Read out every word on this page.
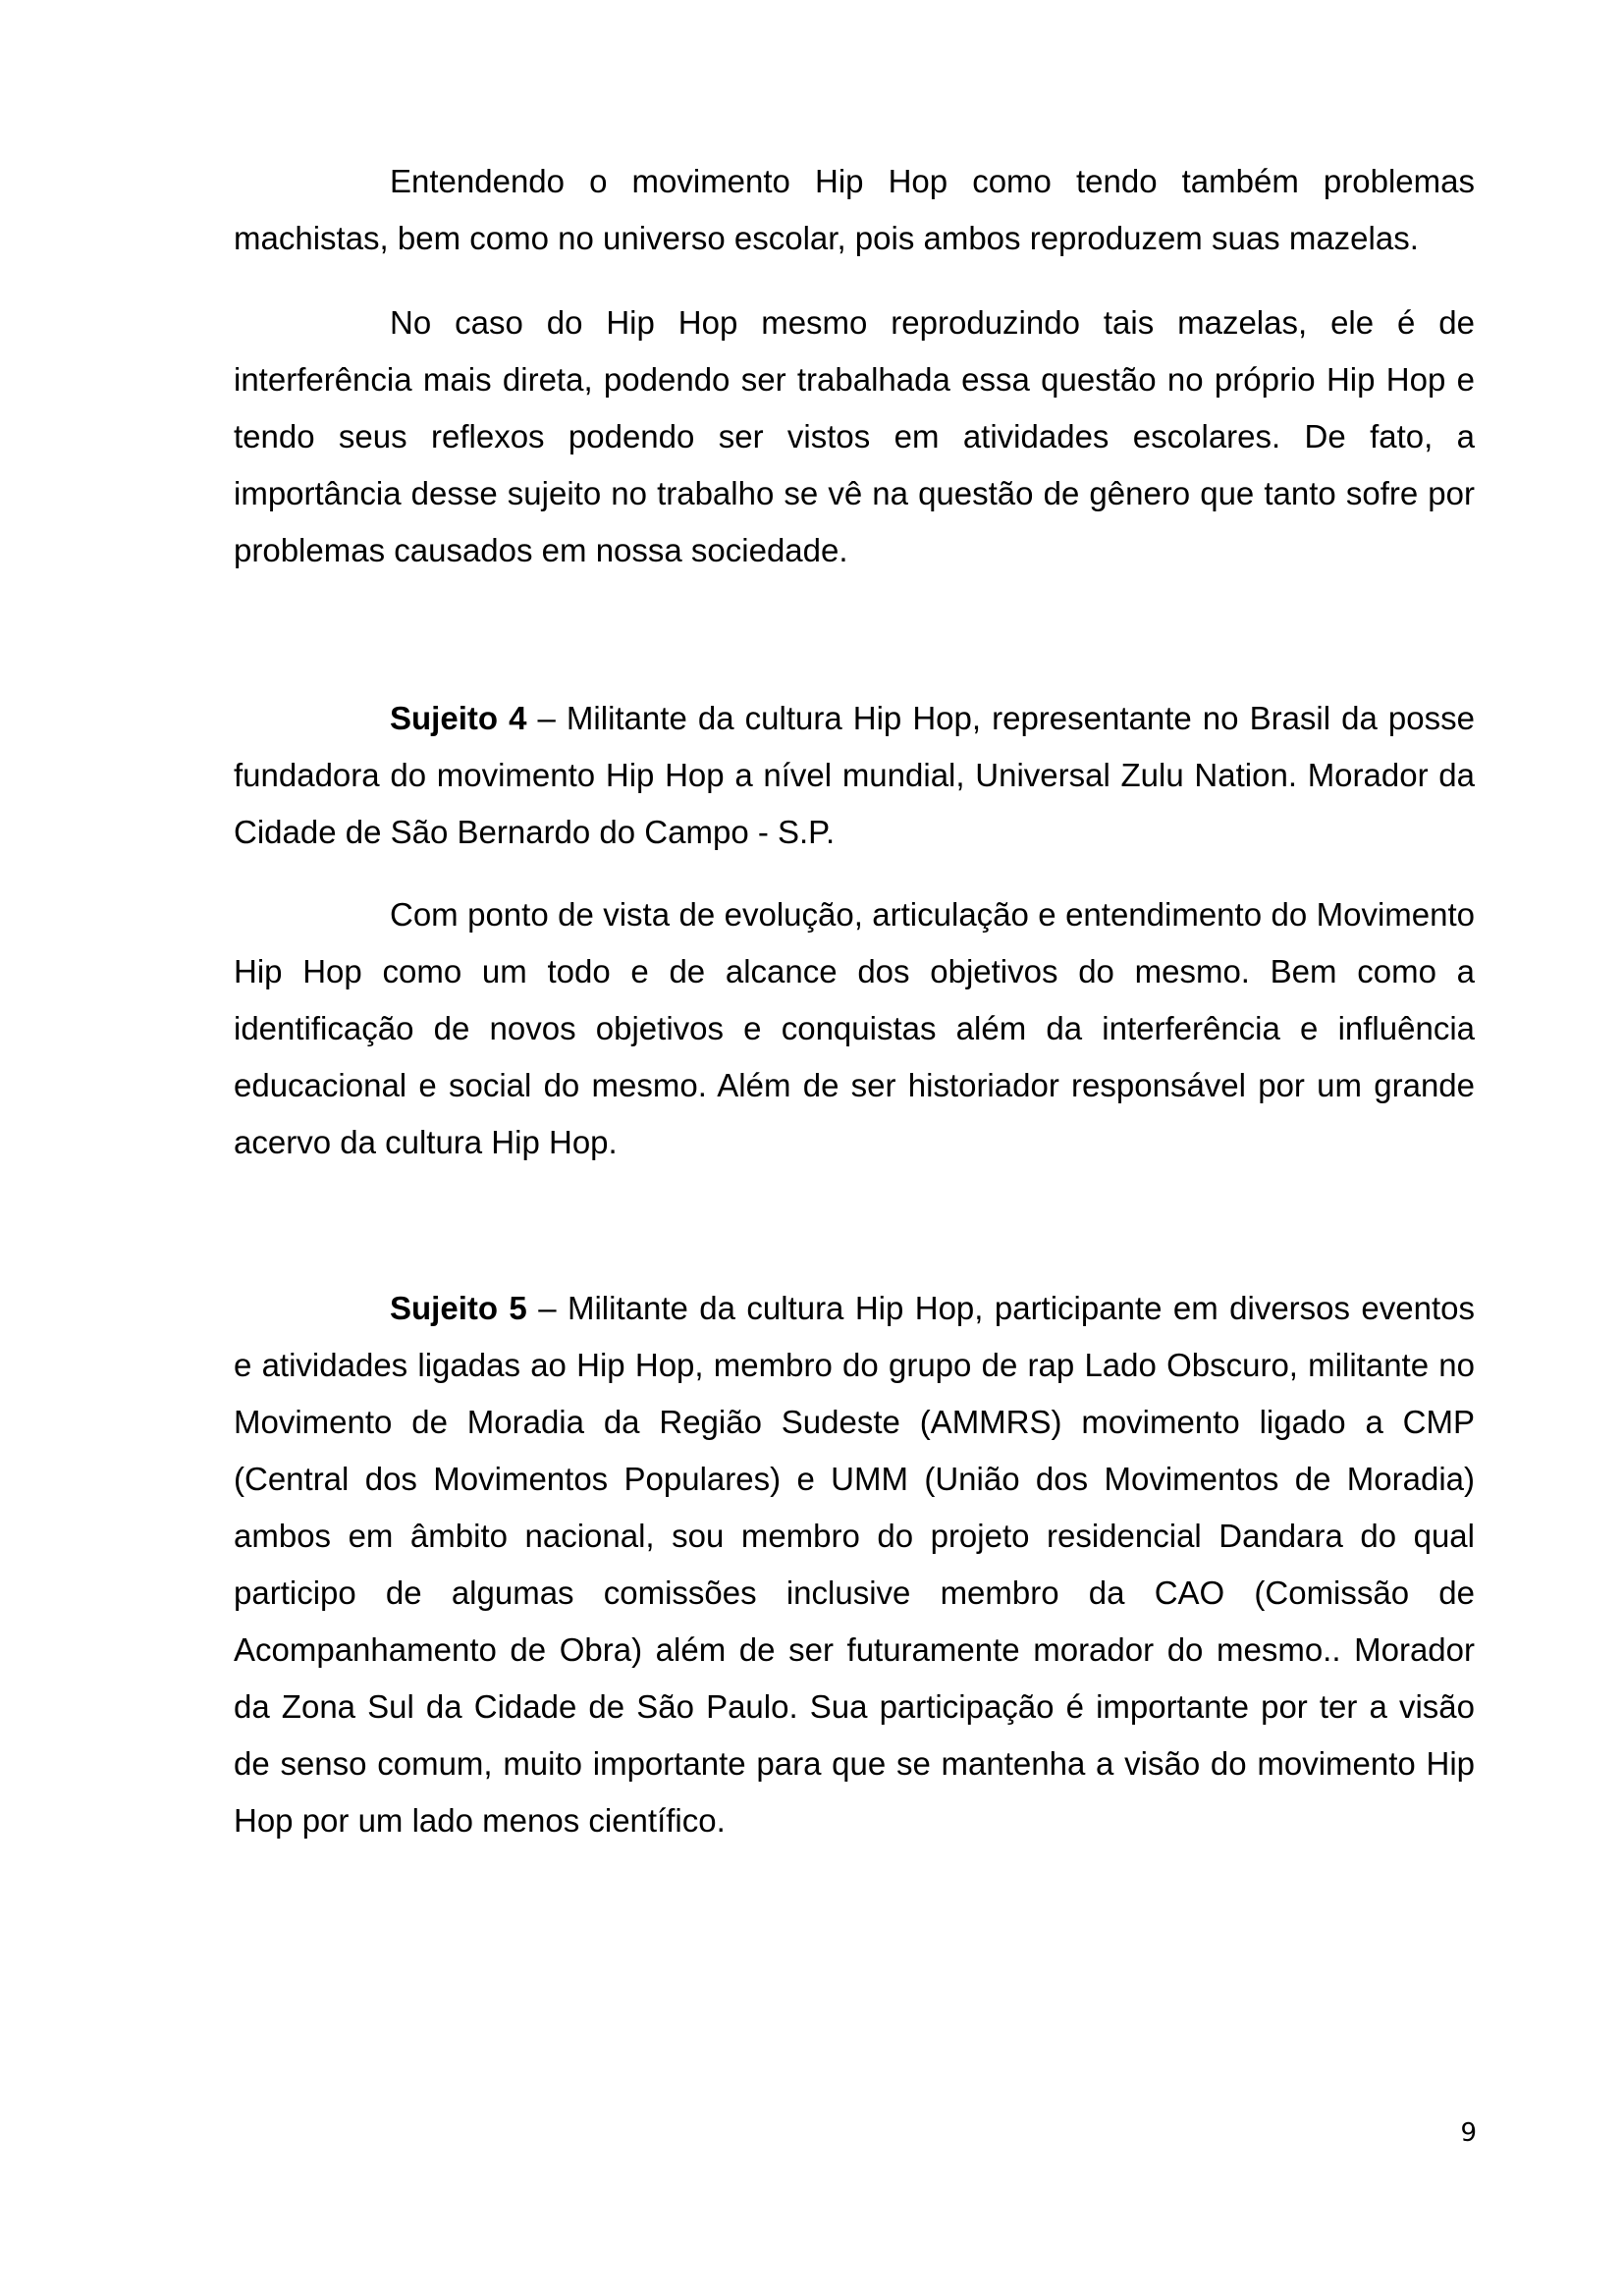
Entendendo o movimento Hip Hop como tendo também problemas machistas, bem como no universo escolar, pois ambos reproduzem suas mazelas.

No caso do Hip Hop mesmo reproduzindo tais mazelas, ele é de interferência mais direta, podendo ser trabalhada essa questão no próprio Hip Hop e tendo seus reflexos podendo ser vistos em atividades escolares. De fato, a importância desse sujeito no trabalho se vê na questão de gênero que tanto sofre por problemas causados em nossa sociedade.

Sujeito 4 – Militante da cultura Hip Hop, representante no Brasil da posse fundadora do movimento Hip Hop a nível mundial, Universal Zulu Nation. Morador da Cidade de São Bernardo do Campo - S.P.

Com ponto de vista de evolução, articulação e entendimento do Movimento Hip Hop como um todo e de alcance dos objetivos do mesmo. Bem como a identificação de novos objetivos e conquistas além da interferência e influência educacional e social do mesmo. Além de ser historiador responsável por um grande acervo da cultura Hip Hop.

Sujeito 5 – Militante da cultura Hip Hop, participante em diversos eventos e atividades ligadas ao Hip Hop, membro do grupo de rap Lado Obscuro, militante no Movimento de Moradia da Região Sudeste (AMMRS) movimento ligado a CMP (Central dos Movimentos Populares) e UMM (União dos Movimentos de Moradia) ambos em âmbito nacional, sou membro do projeto residencial Dandara do qual participo de algumas comissões inclusive membro da CAO (Comissão de Acompanhamento de Obra) além de ser futuramente morador do mesmo.. Morador da Zona Sul da Cidade de São Paulo. Sua participação é importante por ter a visão de senso comum, muito importante para que se mantenha a visão do movimento Hip Hop por um lado menos científico.

9
